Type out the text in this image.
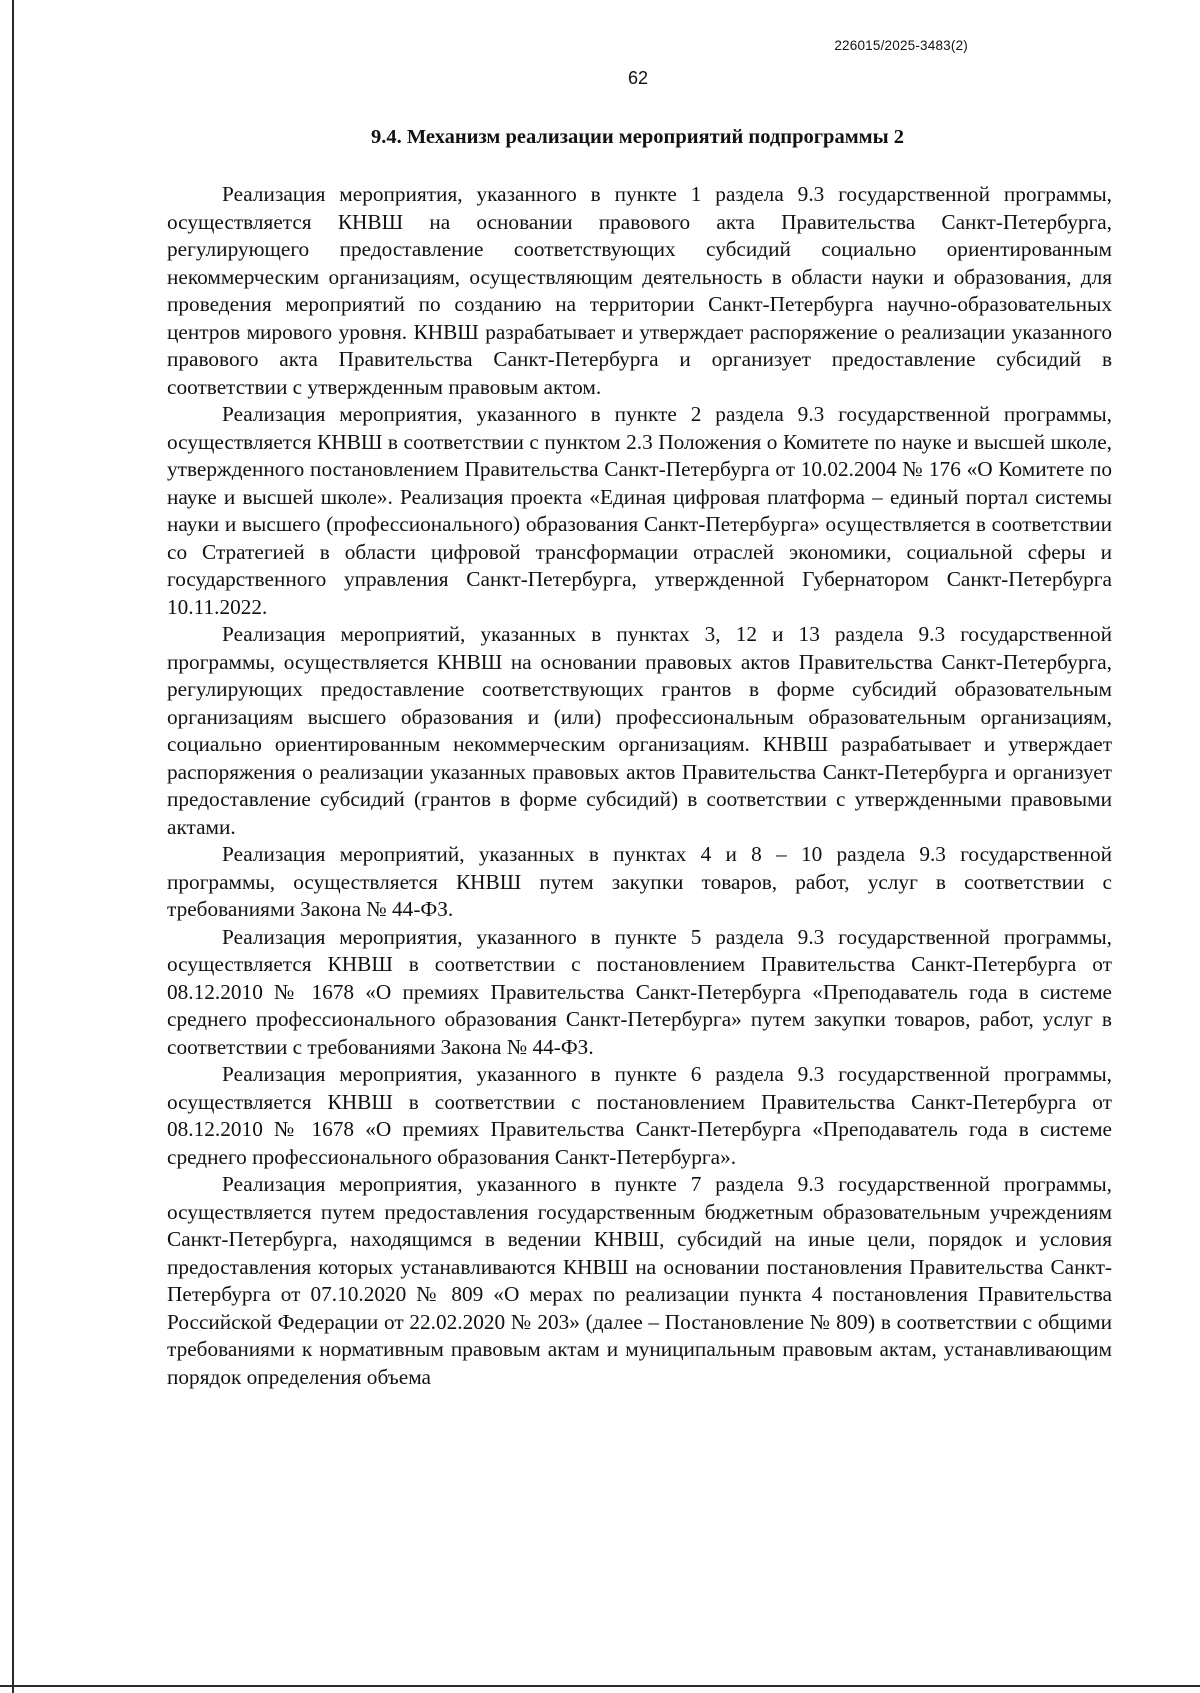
226015/2025-3483(2)
62
9.4. Механизм реализации мероприятий подпрограммы 2

Реализация мероприятия, указанного в пункте 1 раздела 9.3 государственной программы, осуществляется КНВШ на основании правового акта Правительства Санкт-Петербурга, регулирующего предоставление соответствующих субсидий социально ориентированным некоммерческим организациям, осуществляющим деятельность в области науки и образования, для проведения мероприятий по созданию на территории Санкт-Петербурга научно-образовательных центров мирового уровня. КНВШ разрабатывает и утверждает распоряжение о реализации указанного правового акта Правительства Санкт-Петербурга и организует предоставление субсидий в соответствии с утвержденным правовым актом.

Реализация мероприятия, указанного в пункте 2 раздела 9.3 государственной программы, осуществляется КНВШ в соответствии с пунктом 2.3 Положения о Комитете по науке и высшей школе, утвержденного постановлением Правительства Санкт-Петербурга от 10.02.2004 № 176 «О Комитете по науке и высшей школе». Реализация проекта «Единая цифровая платформа – единый портал системы науки и высшего (профессионального) образования Санкт-Петербурга» осуществляется в соответствии со Стратегией в области цифровой трансформации отраслей экономики, социальной сферы и государственного управления Санкт-Петербурга, утвержденной Губернатором Санкт-Петербурга 10.11.2022.

Реализация мероприятий, указанных в пунктах 3, 12 и 13 раздела 9.3 государственной программы, осуществляется КНВШ на основании правовых актов Правительства Санкт-Петербурга, регулирующих предоставление соответствующих грантов в форме субсидий образовательным организациям высшего образования и (или) профессиональным образовательным организациям, социально ориентированным некоммерческим организациям. КНВШ разрабатывает и утверждает распоряжения о реализации указанных правовых актов Правительства Санкт-Петербурга и организует предоставление субсидий (грантов в форме субсидий) в соответствии с утвержденными правовыми актами.

Реализация мероприятий, указанных в пунктах 4 и 8 – 10 раздела 9.3 государственной программы, осуществляется КНВШ путем закупки товаров, работ, услуг в соответствии с требованиями Закона № 44-ФЗ.

Реализация мероприятия, указанного в пункте 5 раздела 9.3 государственной программы, осуществляется КНВШ в соответствии с постановлением Правительства Санкт-Петербурга от 08.12.2010 № 1678 «О премиях Правительства Санкт-Петербурга «Преподаватель года в системе среднего профессионального образования Санкт-Петербурга» путем закупки товаров, работ, услуг в соответствии с требованиями Закона № 44-ФЗ.

Реализация мероприятия, указанного в пункте 6 раздела 9.3 государственной программы, осуществляется КНВШ в соответствии с постановлением Правительства Санкт-Петербурга от 08.12.2010 № 1678 «О премиях Правительства Санкт-Петербурга «Преподаватель года в системе среднего профессионального образования Санкт-Петербурга».

Реализация мероприятия, указанного в пункте 7 раздела 9.3 государственной программы, осуществляется путем предоставления государственным бюджетным образовательным учреждениям Санкт-Петербурга, находящимся в ведении КНВШ, субсидий на иные цели, порядок и условия предоставления которых устанавливаются КНВШ на основании постановления Правительства Санкт-Петербурга от 07.10.2020 № 809 «О мерах по реализации пункта 4 постановления Правительства Российской Федерации от 22.02.2020 № 203» (далее – Постановление № 809) в соответствии с общими требованиями к нормативным правовым актам и муниципальным правовым актам, устанавливающим порядок определения объема
